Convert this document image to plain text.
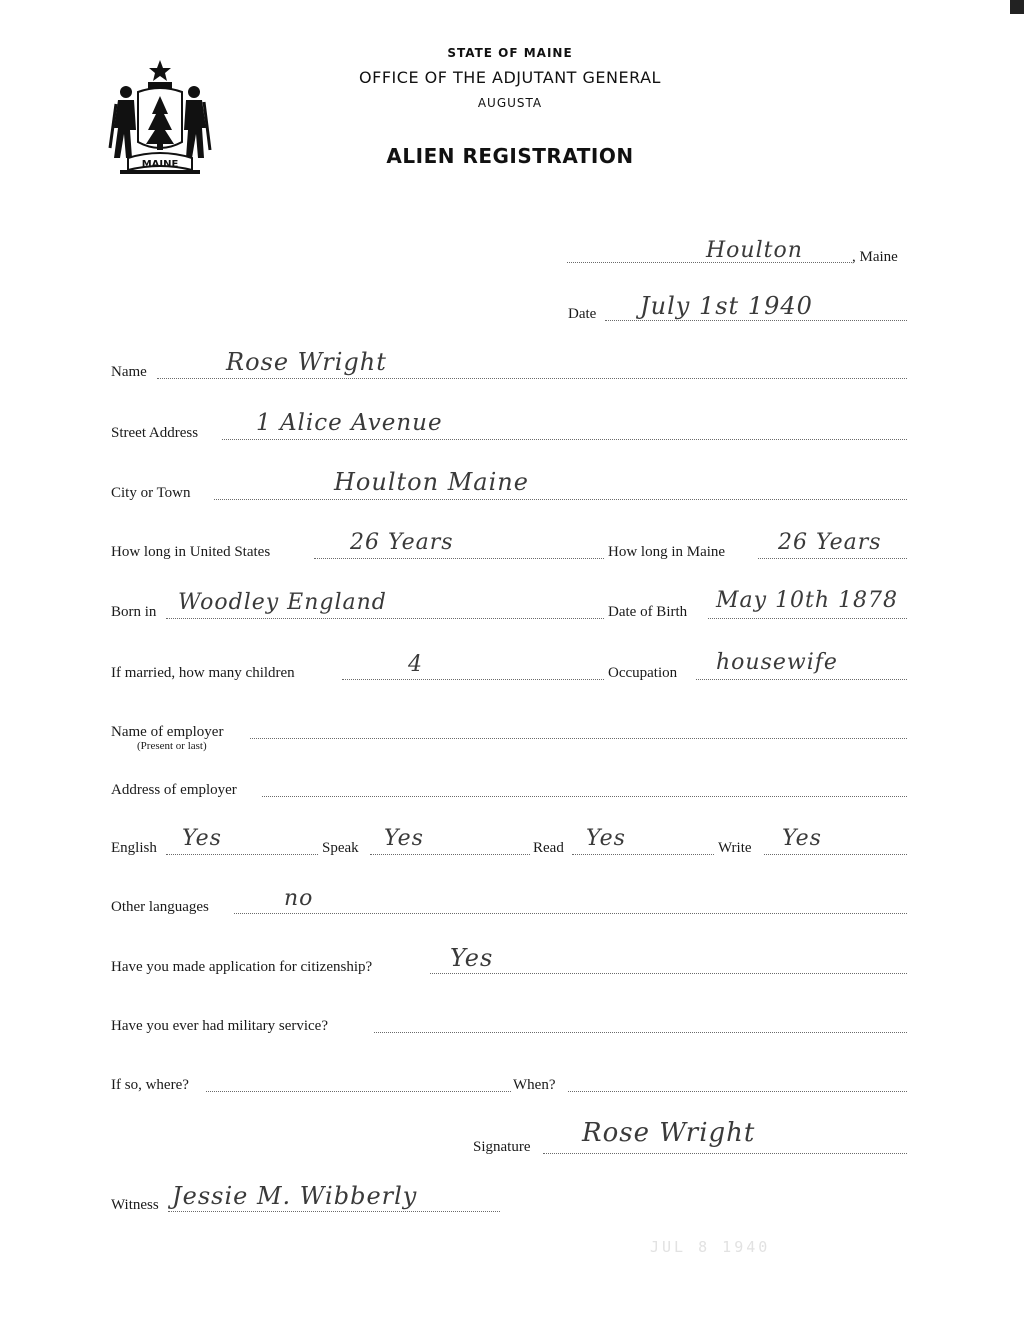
MAINE
STATE OF MAINE
OFFICE OF THE ADJUTANT GENERAL
AUGUSTA
ALIEN REGISTRATION
Houlton	, Maine
Date July 1st 1940
Name	Rose Wright
Street Address	1 Alice Avenue
City or Town	Houlton Maine
How long in United States	26 Years	How long in Maine 26 Years
Born in Woodley England	Date of Birth May 10th 1878
If married, how many children	4	Occupation housewife
Name of employer
(Present or last)
Address of employer
English Yes	Speak Yes	Read Yes	Write Yes
Other languages	no
Have you made application for citizenship?	Yes
Have you ever had military service?
If so, where?	When?
Signature Rose Wright
Witness Jessie M. Wibberly
JUL 8 1940
